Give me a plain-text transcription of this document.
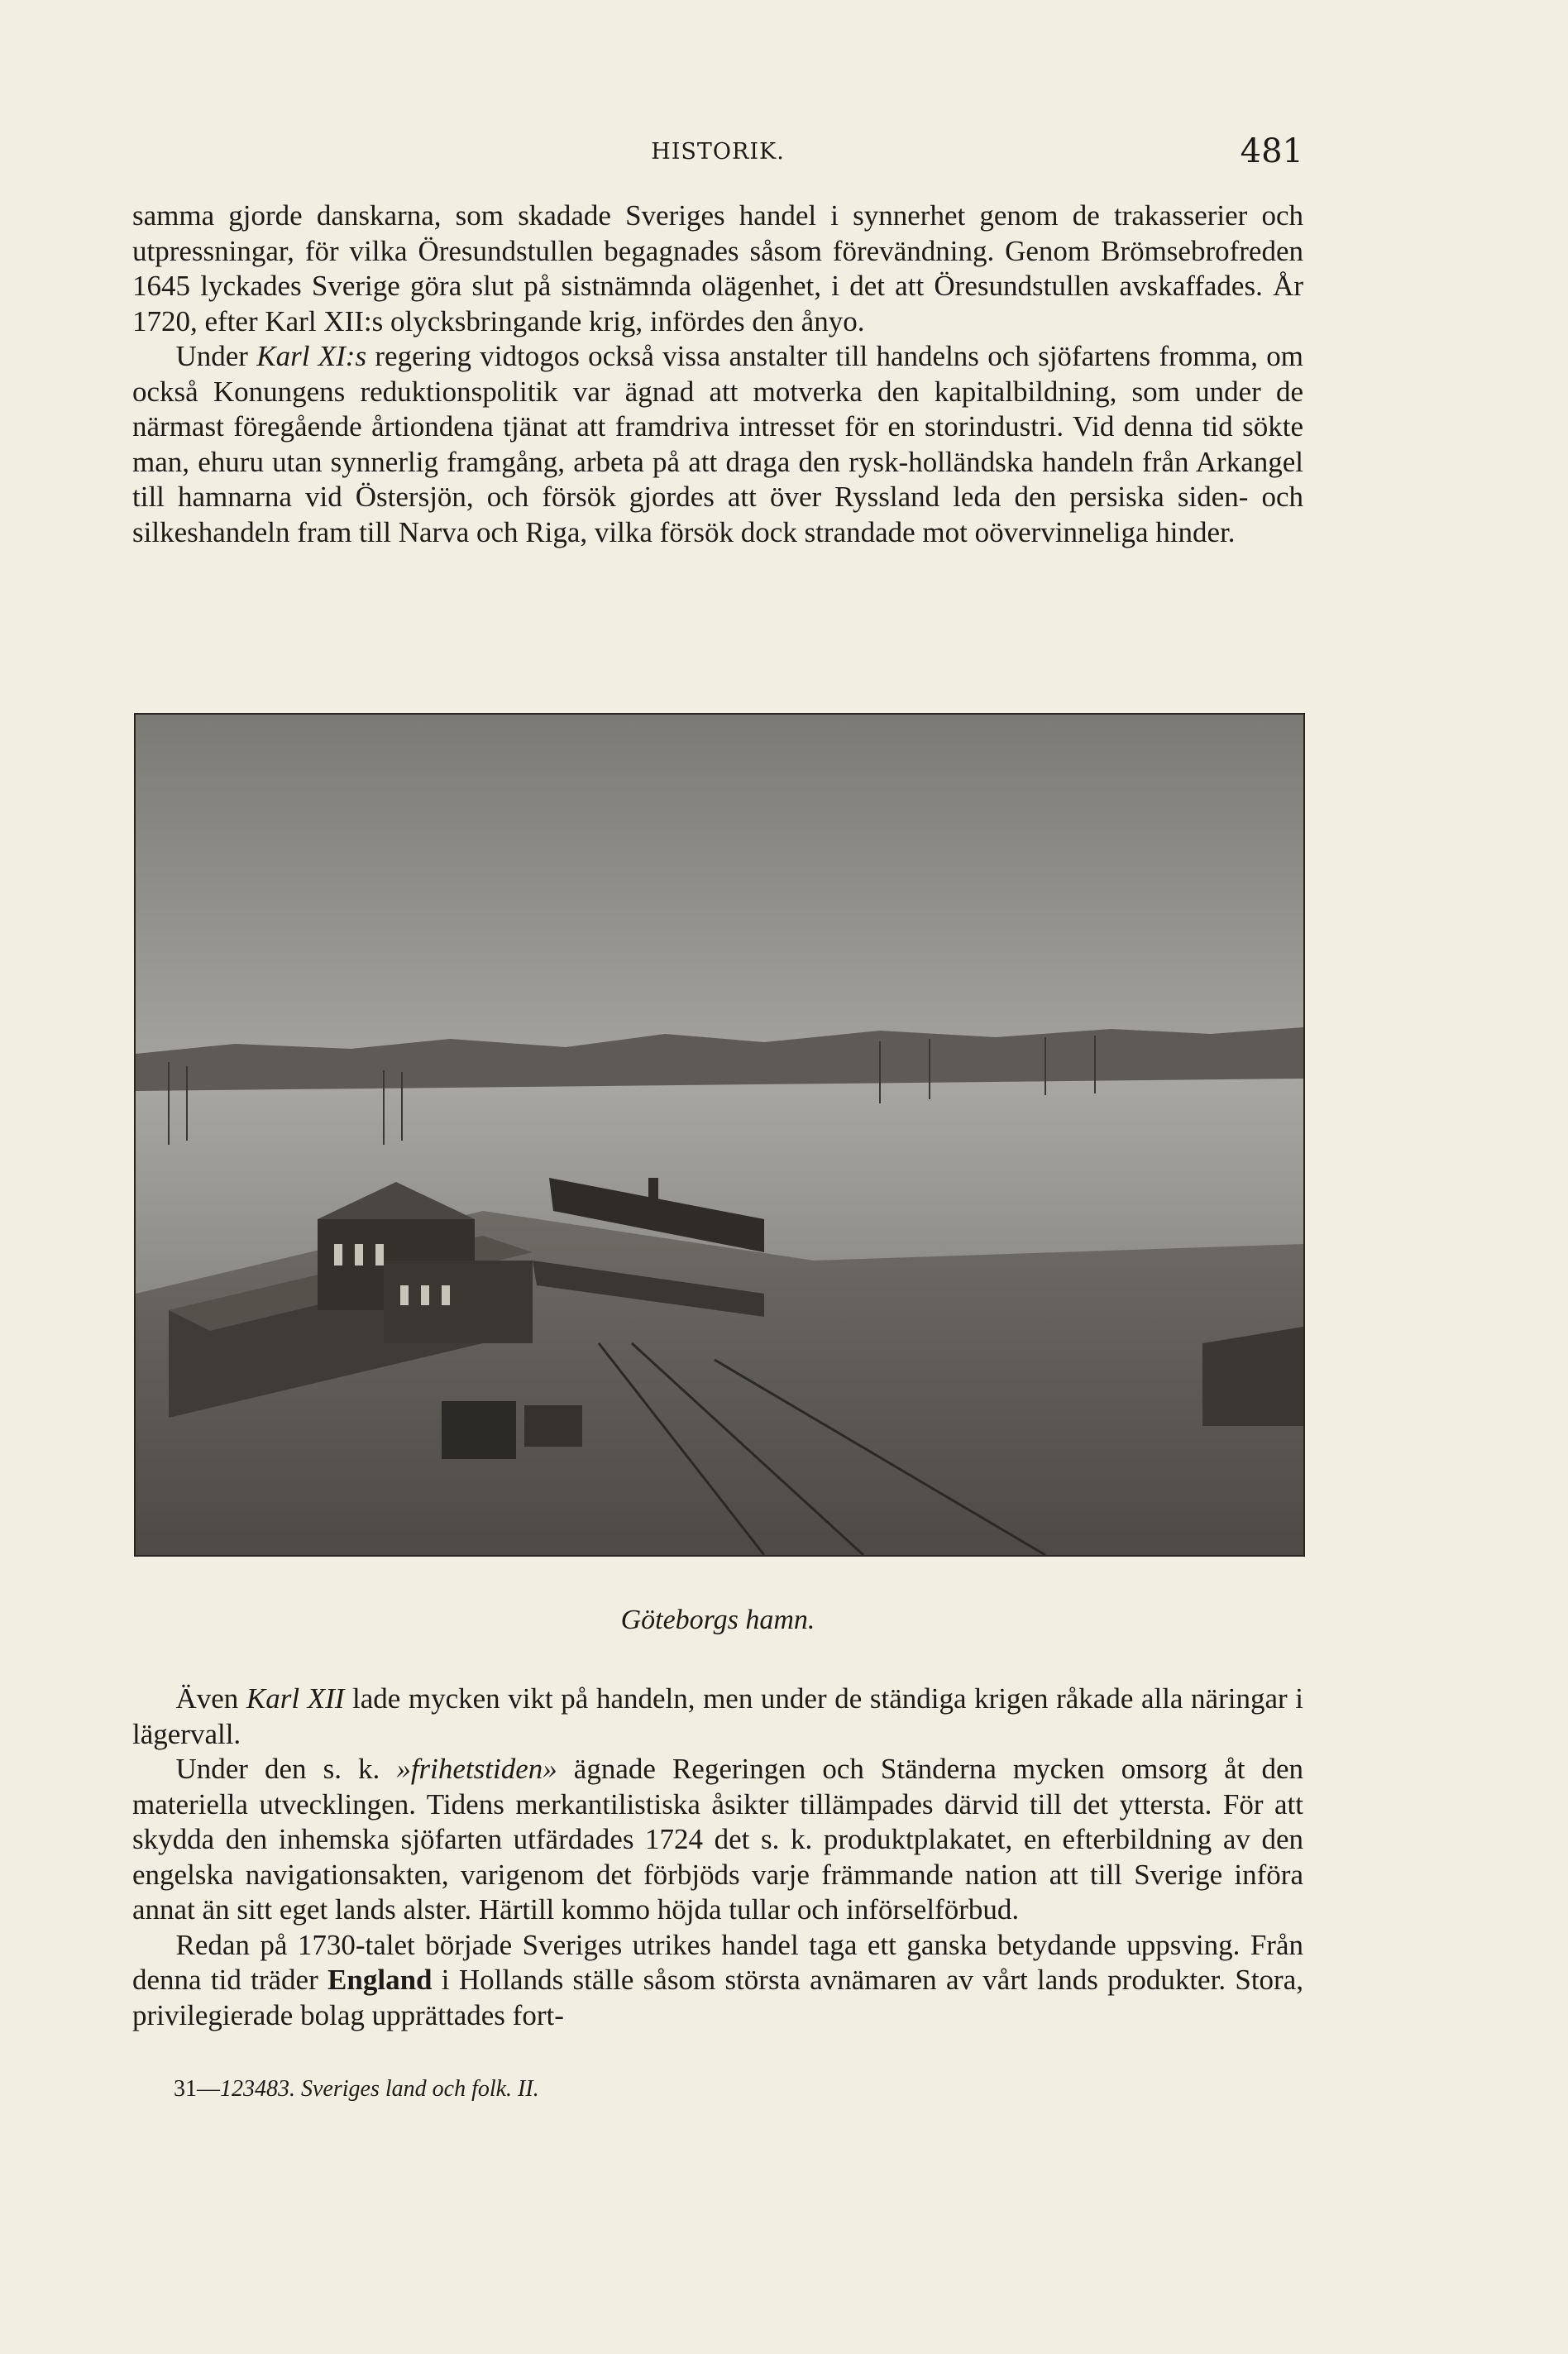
HISTORIK.	481

samma gjorde danskarna, som skadade Sveriges handel i synnerhet genom de trakasserier och utpressningar, för vilka Öresundstullen begagnades såsom förevändning. Genom Brömsebrofreden 1645 lyckades Sverige göra slut på sistnämnda olägenhet, i det att Öresundstullen avskaffades. År 1720, efter Karl XII:s olycksbringande krig, infördes den ånyo.

Under Karl XI:s regering vidtogos också vissa anstalter till handelns och sjöfartens fromma, om också Konungens reduktionspolitik var ägnad att motverka den kapitalbildning, som under de närmast föregående årtiondena tjänat att framdriva intresset för en storindustri. Vid denna tid sökte man, ehuru utan synnerlig framgång, arbeta på att draga den rysk-holländska handeln från Arkangel till hamnarna vid Östersjön, och försök gjordes att över Ryssland leda den persiska siden- och silkeshandeln fram till Narva och Riga, vilka försök dock strandade mot oövervinneliga hinder.

Göteborgs hamn.

Även Karl XII lade mycken vikt på handeln, men under de ständiga krigen råkade alla näringar i lägervall.

Under den s. k. »frihetstiden» ägnade Regeringen och Ständerna mycken omsorg åt den materiella utvecklingen. Tidens merkantilistiska åsikter tillämpades därvid till det yttersta. För att skydda den inhemska sjöfarten utfärdades 1724 det s. k. produktplakatet, en efterbildning av den engelska navigationsakten, varigenom det förbjöds varje främmande nation att till Sverige införa annat än sitt eget lands alster. Härtill kommo höjda tullar och införselförbud.

Redan på 1730-talet började Sveriges utrikes handel taga ett ganska betydande uppsving. Från denna tid träder England i Hollands ställe såsom största avnämaren av vårt lands produkter. Stora, privilegierade bolag upprättades fort-

31—123483. Sveriges land och folk. II.
